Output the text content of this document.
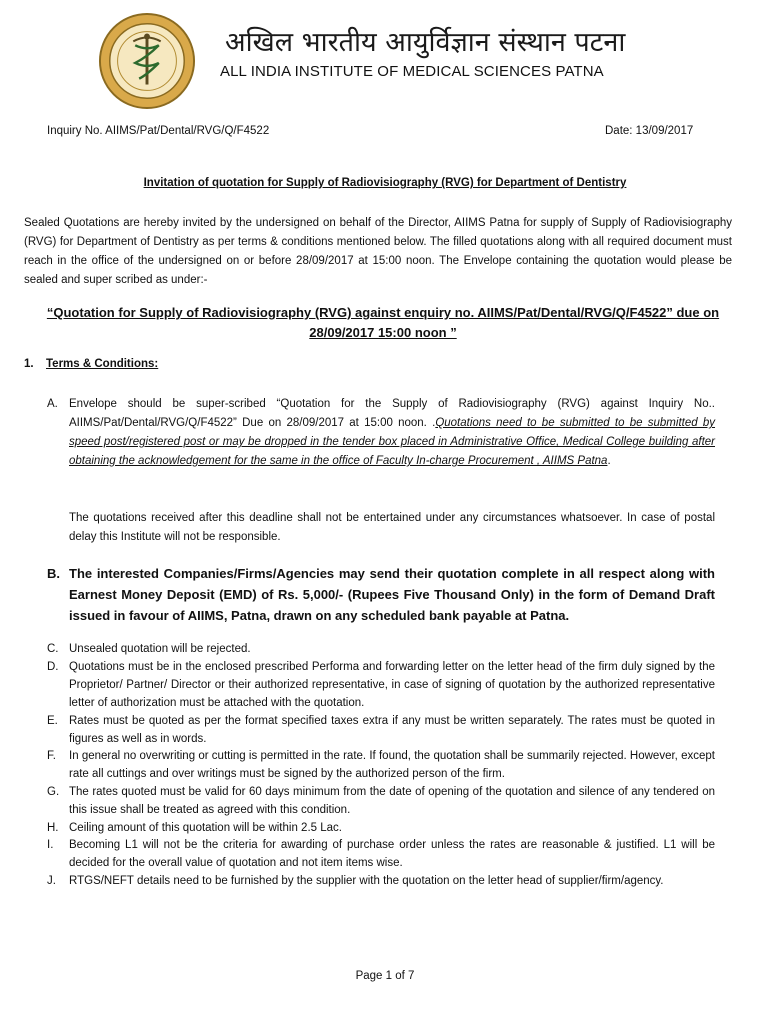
अखिल भारतीय आयुर्विज्ञान संस्थान पटना
ALL INDIA INSTITUTE OF MEDICAL SCIENCES PATNA
Inquiry No. AIIMS/Pat/Dental/RVG/Q/F4522	Date: 13/09/2017
Invitation of quotation for Supply of Radiovisiography (RVG) for Department of Dentistry
Sealed Quotations are hereby invited by the undersigned on behalf of the Director, AIIMS Patna for supply of Supply of Radiovisiography (RVG) for Department of Dentistry as per terms & conditions mentioned below. The filled quotations along with all required document must reach in the office of the undersigned on or before 28/09/2017 at 15:00 noon. The Envelope containing the quotation would please be sealed and super scribed as under:-
“Quotation for Supply of Radiovisiography (RVG) against enquiry no. AIIMS/Pat/Dental/RVG/Q/F4522” due on 28/09/2017 15:00 noon ”
1. Terms & Conditions:
A. Envelope should be super-scribed “Quotation for the Supply of Radiovisiography (RVG) against Inquiry No.. AIIMS/Pat/Dental/RVG/Q/F4522” Due on 28/09/2017 at 15:00 noon. .Quotations need to be submitted to be submitted by speed post/registered post or may be dropped in the tender box placed in Administrative Office, Medical College building after obtaining the acknowledgement for the same in the office of Faculty In-charge Procurement , AIIMS Patna.
The quotations received after this deadline shall not be entertained under any circumstances whatsoever. In case of postal delay this Institute will not be responsible.
B. The interested Companies/Firms/Agencies may send their quotation complete in all respect along with Earnest Money Deposit (EMD) of Rs. 5,000/- (Rupees Five Thousand Only) in the form of Demand Draft issued in favour of AIIMS, Patna, drawn on any scheduled bank payable at Patna.
C. Unsealed quotation will be rejected.
D. Quotations must be in the enclosed prescribed Performa and forwarding letter on the letter head of the firm duly signed by the Proprietor/ Partner/ Director or their authorized representative, in case of signing of quotation by the authorized representative letter of authorization must be attached with the quotation.
E. Rates must be quoted as per the format specified taxes extra if any must be written separately. The rates must be quoted in figures as well as in words.
F.	In general no overwriting or cutting is permitted in the rate. If found, the quotation shall be summarily rejected. However, except rate all cuttings and over writings must be signed by the authorized person of the firm.
G. The rates quoted must be valid for 60 days minimum from the date of opening of the quotation and silence of any tendered on this issue shall be treated as agreed with this condition.
H. Ceiling amount of this quotation will be within 2.5 Lac.
I.	Becoming L1 will not be the criteria for awarding of purchase order unless the rates are reasonable & justified. L1 will be decided for the overall value of quotation and not item items wise.
J.	RTGS/NEFT details need to be furnished by the supplier with the quotation on the letter head of supplier/firm/agency.
Page 1 of 7
